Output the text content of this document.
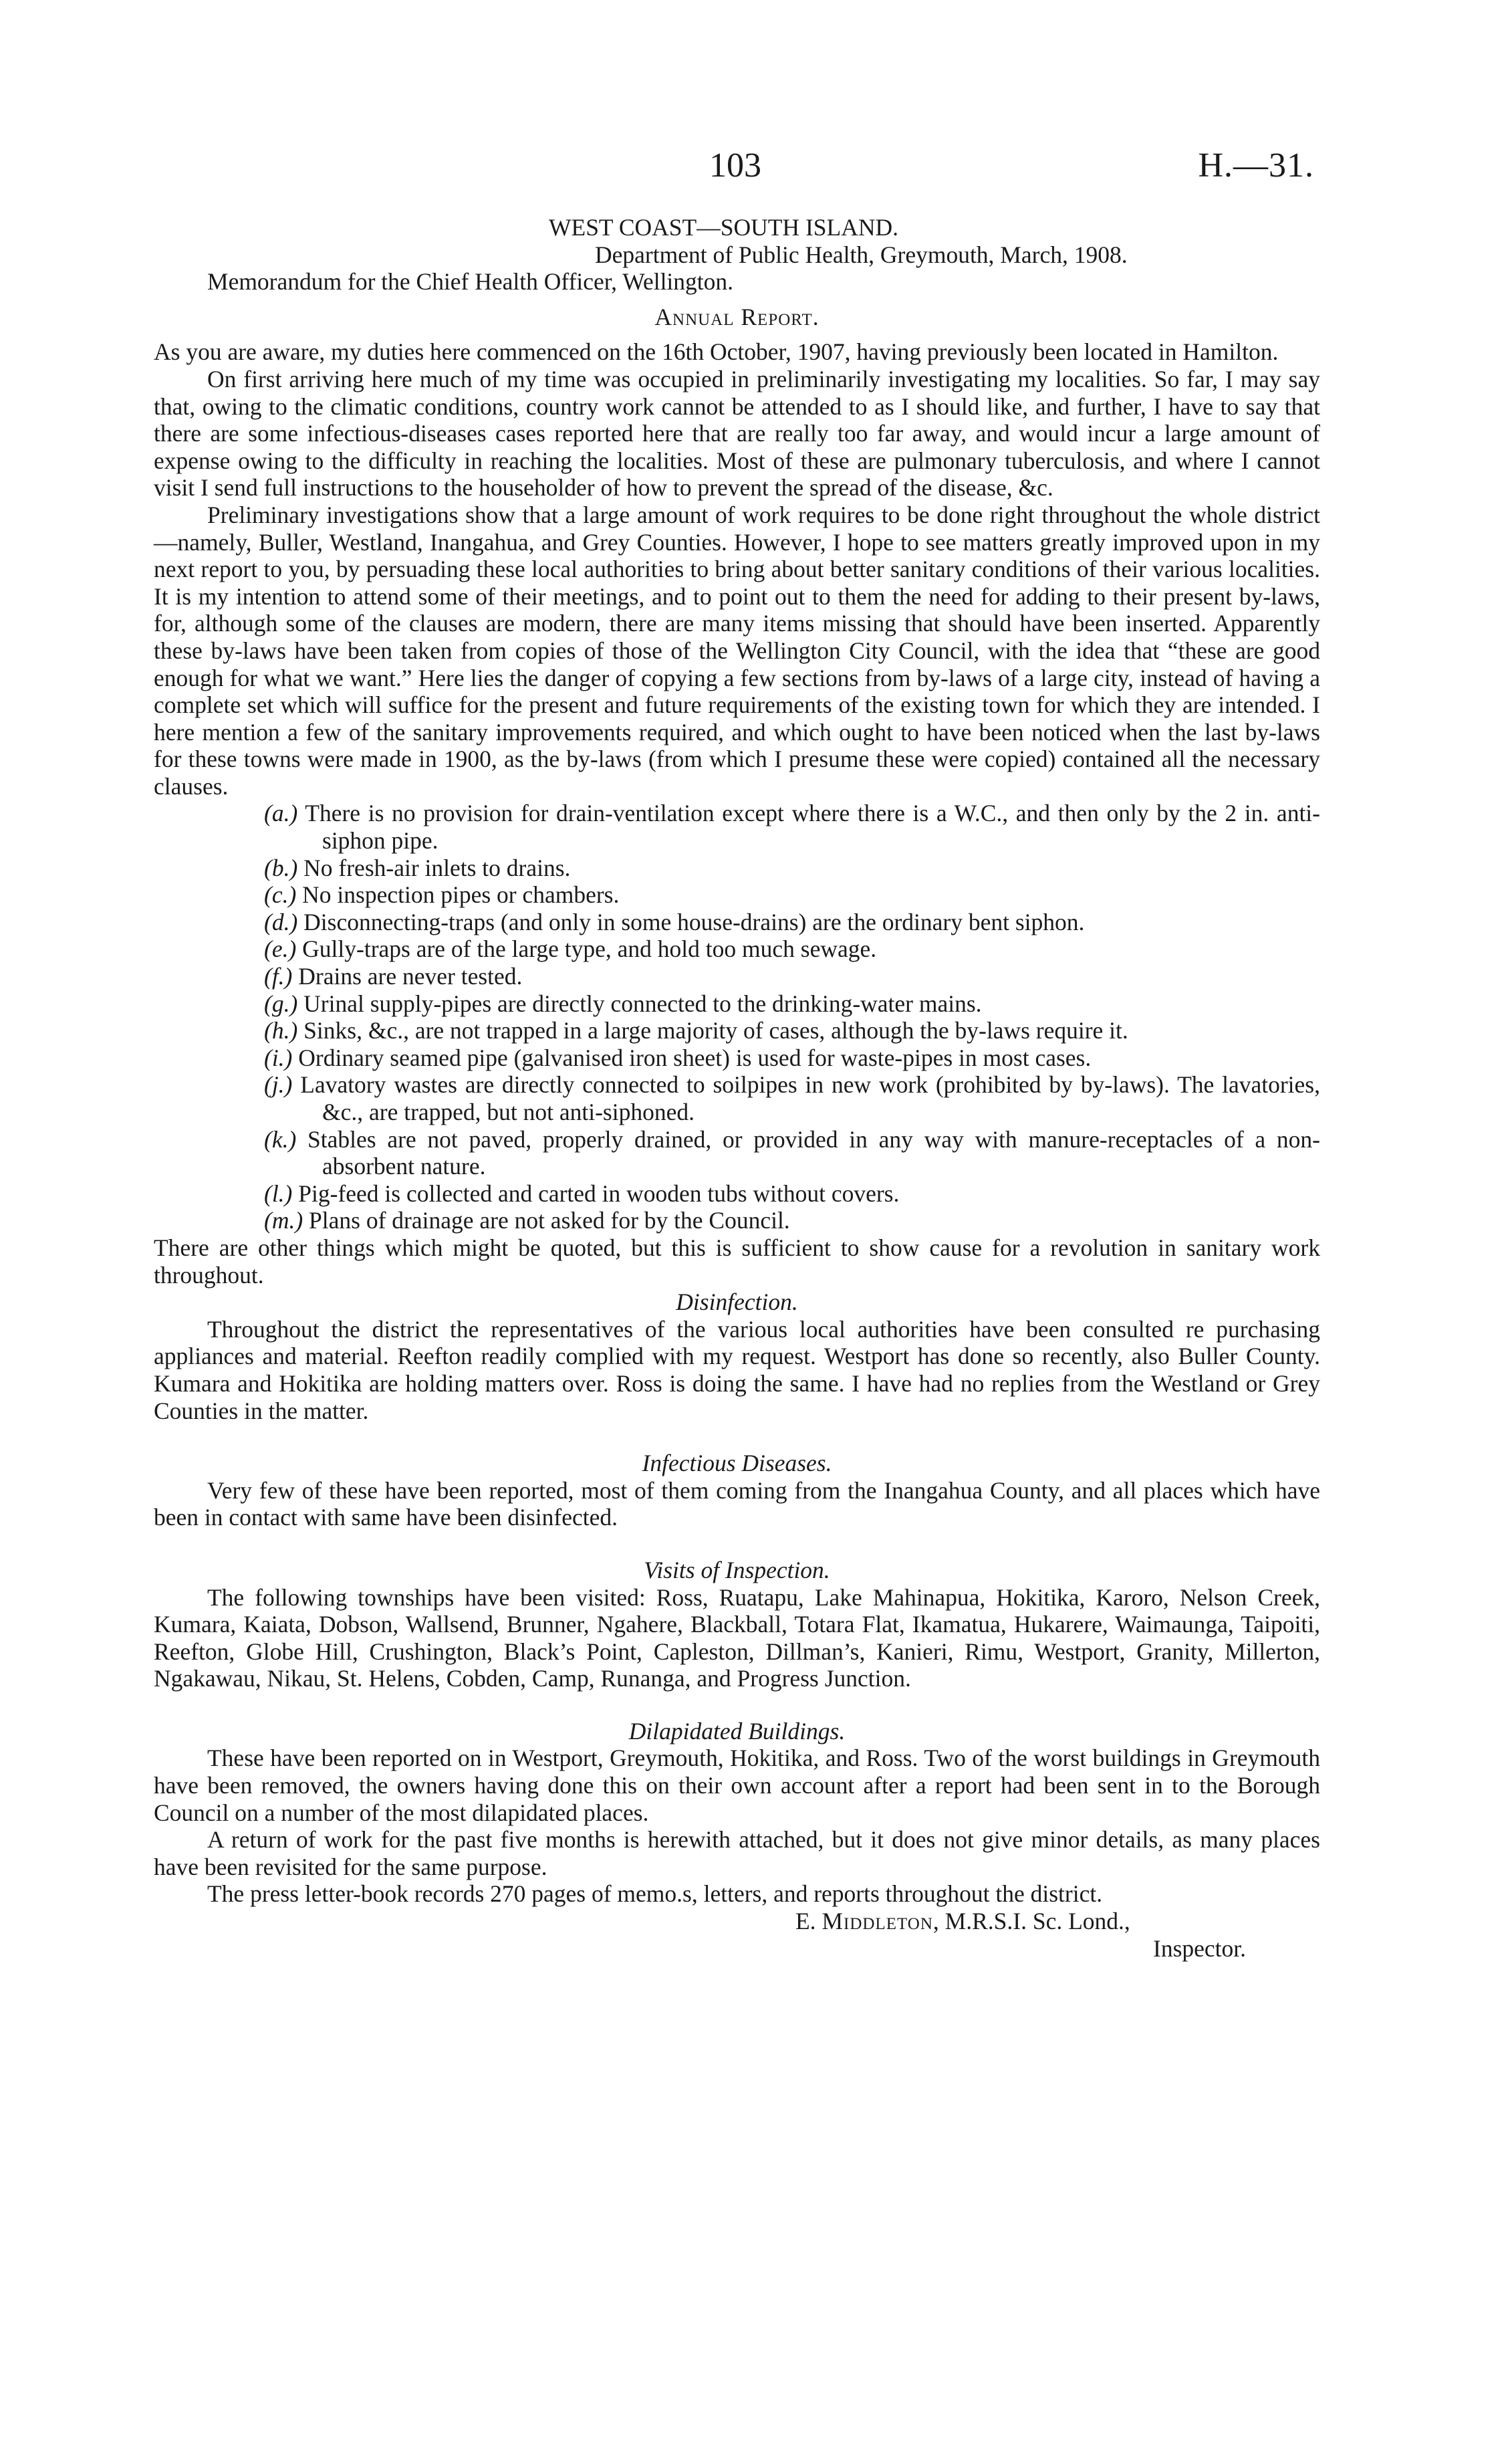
103	H.—31.

WEST COAST—SOUTH ISLAND.

Department of Public Health, Greymouth, March, 1908.

Memorandum for the Chief Health Officer, Wellington.

Annual Report.

As you are aware, my duties here commenced on the 16th October, 1907, having previously been located in Hamilton.

On first arriving here much of my time was occupied in preliminarily investigating my localities. So far, I may say that, owing to the climatic conditions, country work cannot be attended to as I should like, and further, I have to say that there are some infectious-diseases cases reported here that are really too far away, and would incur a large amount of expense owing to the difficulty in reaching the localities. Most of these are pulmonary tuberculosis, and where I cannot visit I send full instructions to the householder of how to prevent the spread of the disease, &c.

Preliminary investigations show that a large amount of work requires to be done right throughout the whole district—namely, Buller, Westland, Inangahua, and Grey Counties. However, I hope to see matters greatly improved upon in my next report to you, by persuading these local authorities to bring about better sanitary conditions of their various localities. It is my intention to attend some of their meetings, and to point out to them the need for adding to their present by-laws, for, although some of the clauses are modern, there are many items missing that should have been inserted. Apparently these by-laws have been taken from copies of those of the Wellington City Council, with the idea that “these are good enough for what we want.” Here lies the danger of copying a few sections from by-laws of a large city, instead of having a complete set which will suffice for the present and future requirements of the existing town for which they are intended. I here mention a few of the sanitary improvements required, and which ought to have been noticed when the last by-laws for these towns were made in 1900, as the by-laws (from which I presume these were copied) contained all the necessary clauses.

(a.) There is no provision for drain-ventilation except where there is a W.C., and then only by the 2 in. anti-siphon pipe.

(b.) No fresh-air inlets to drains.

(c.) No inspection pipes or chambers.

(d.) Disconnecting-traps (and only in some house-drains) are the ordinary bent siphon.

(e.) Gully-traps are of the large type, and hold too much sewage.

(f.) Drains are never tested.

(g.) Urinal supply-pipes are directly connected to the drinking-water mains.

(h.) Sinks, &c., are not trapped in a large majority of cases, although the by-laws require it.

(i.) Ordinary seamed pipe (galvanised iron sheet) is used for waste-pipes in most cases.

(j.) Lavatory wastes are directly connected to soilpipes in new work (prohibited by by-laws). The lavatories, &c., are trapped, but not anti-siphoned.

(k.) Stables are not paved, properly drained, or provided in any way with manure-receptacles of a non-absorbent nature.

(l.) Pig-feed is collected and carted in wooden tubs without covers.

(m.) Plans of drainage are not asked for by the Council.

There are other things which might be quoted, but this is sufficient to show cause for a revolution in sanitary work throughout.

Disinfection.

Throughout the district the representatives of the various local authorities have been consulted re purchasing appliances and material. Reefton readily complied with my request. Westport has done so recently, also Buller County. Kumara and Hokitika are holding matters over. Ross is doing the same. I have had no replies from the Westland or Grey Counties in the matter.

Infectious Diseases.

Very few of these have been reported, most of them coming from the Inangahua County, and all places which have been in contact with same have been disinfected.

Visits of Inspection.

The following townships have been visited: Ross, Ruatapu, Lake Mahinapua, Hokitika, Karoro, Nelson Creek, Kumara, Kaiata, Dobson, Wallsend, Brunner, Ngahere, Blackball, Totara Flat, Ikamatua, Hukarere, Waimaunga, Taipoiti, Reefton, Globe Hill, Crushington, Black’s Point, Capleston, Dillman’s, Kanieri, Rimu, Westport, Granity, Millerton, Ngakawau, Nikau, St. Helens, Cobden, Camp, Runanga, and Progress Junction.

Dilapidated Buildings.

These have been reported on in Westport, Greymouth, Hokitika, and Ross. Two of the worst buildings in Greymouth have been removed, the owners having done this on their own account after a report had been sent in to the Borough Council on a number of the most dilapidated places.

A return of work for the past five months is herewith attached, but it does not give minor details, as many places have been revisited for the same purpose.

The press letter-book records 270 pages of memo.s, letters, and reports throughout the district.

E. Middleton, M.R.S.I. Sc. Lond.,

Inspector.
